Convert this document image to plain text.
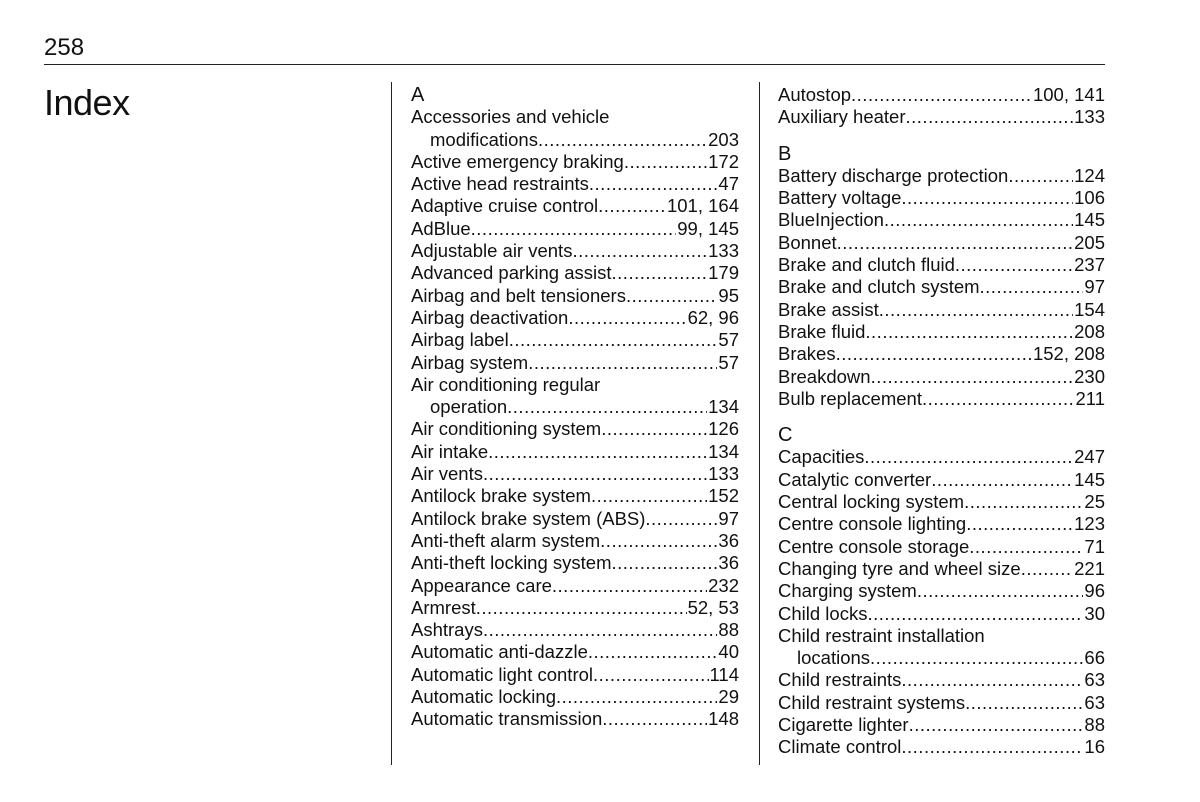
258
Index	A
Accessories and vehicle
modifications .....	203
Active emergency braking .....	172
Active head restraints .....	47
Adaptive cruise control .....	101, 164
AdBlue .....	99, 145
Adjustable air vents .....	133
Advanced parking assist .....	179
Airbag and belt tensioners .....	95
Airbag deactivation .....	62, 96
Airbag label .....	57
Airbag system .....	57
Air conditioning regular
operation .....	134
Air conditioning system .....	126
Air intake .....	134
Air vents .....	133
Antilock brake system .....	152
Antilock brake system (ABS) .....	97
Anti-theft alarm system .....	36
Anti-theft locking system .....	36
Appearance care .....	232
Armrest .....	52, 53
Ashtrays .....	88
Automatic anti-dazzle .....	40
Automatic light control .....	114
Automatic locking .....	29
Automatic transmission .....	148
Autostop .....	100, 141
Auxiliary heater .....	133
B
Battery discharge protection .....	124
Battery voltage .....	106
BlueInjection .....	145
Bonnet .....	205
Brake and clutch fluid .....	237
Brake and clutch system .....	97
Brake assist .....	154
Brake fluid .....	208
Brakes .....	152, 208
Breakdown .....	230
Bulb replacement .....	211
C
Capacities .....	247
Catalytic converter .....	145
Central locking system .....	25
Centre console lighting .....	123
Centre console storage .....	71
Changing tyre and wheel size .....	221
Charging system .....	96
Child locks .....	30
Child restraint installation
locations .....	66
Child restraints .....	63
Child restraint systems .....	63
Cigarette lighter .....	88
Climate control .....	16
